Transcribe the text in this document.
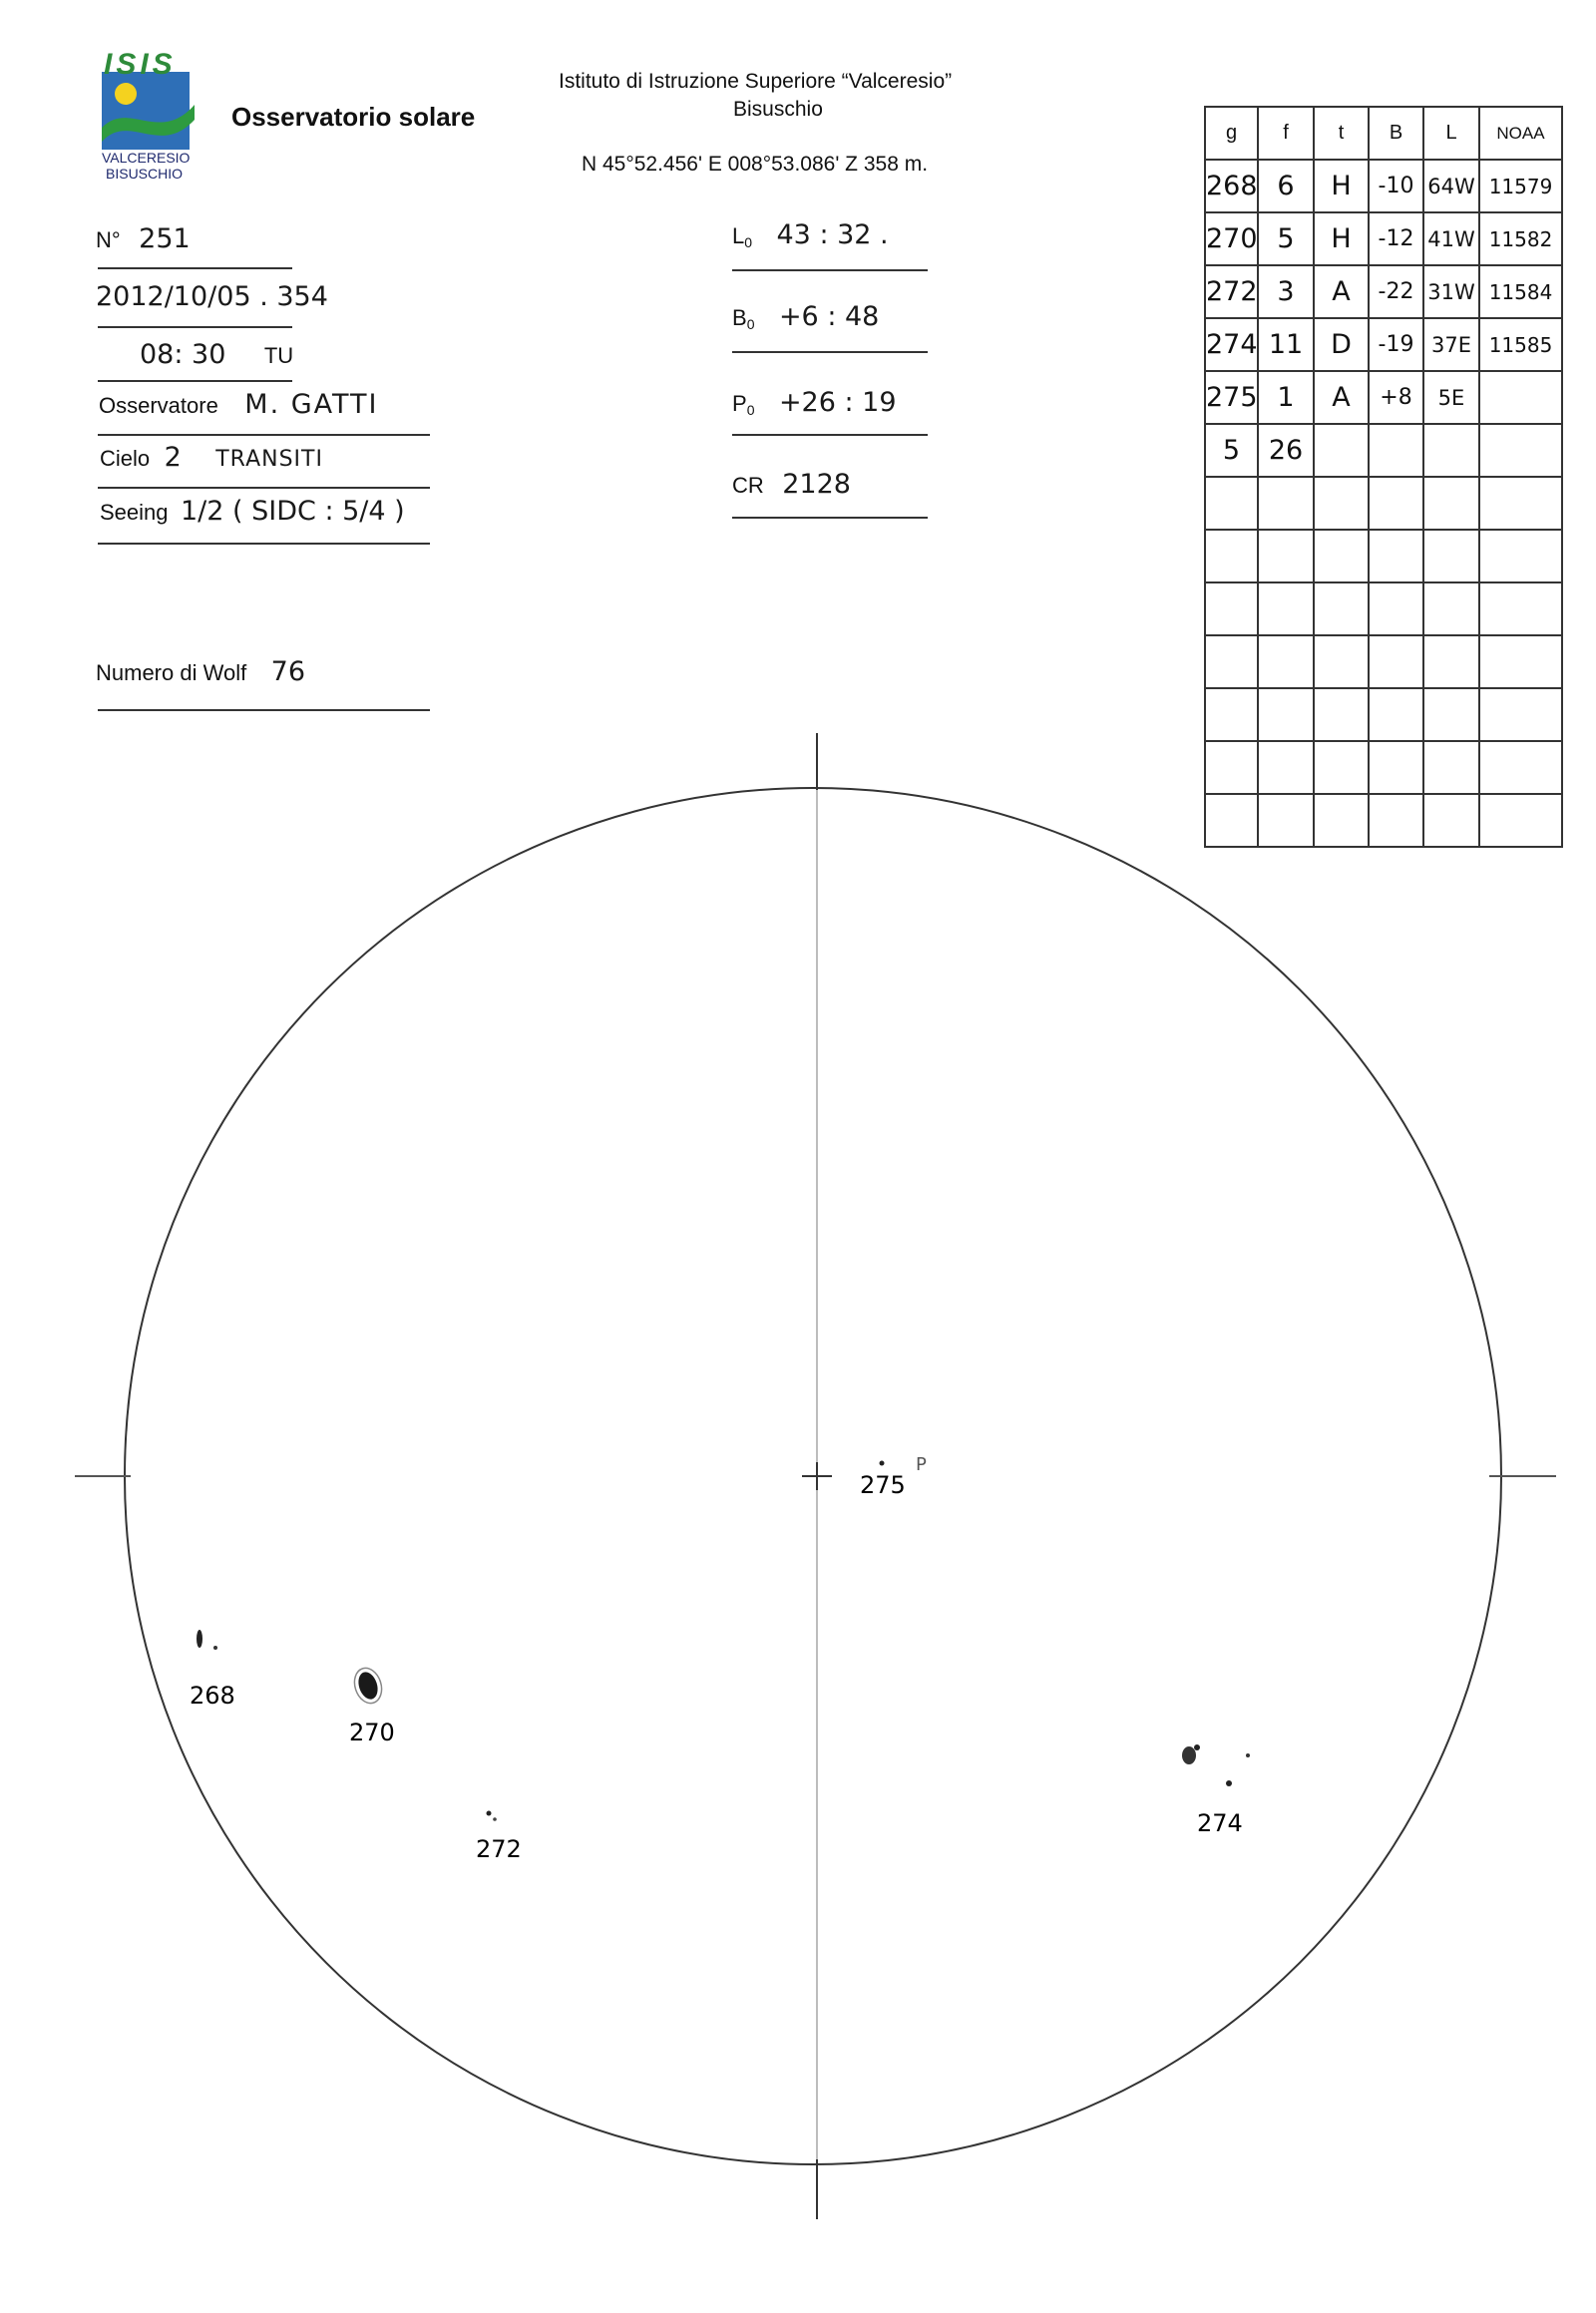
ISIS
VALCERESIO
BISUSCHIO
Osservatorio solare
Istituto di Istruzione Superiore “Valceresio”
Bisuschio
N 45°52.456' E 008°53.086' Z 358 m.
N° 251
2012/10/05 . 354
08: 30 TU
Osservatore M. GATTI
Cielo 2 TRANSITI
Seeing 1/2 ( SIDC : 5/4 )
Numero di Wolf 76
$L_0$ 43 : 32 .
$B_0 +6$ : 48
$P_0 +26$ : 19
CR 2128
g	f	t	B	L	NOAA
268	6	H	-10	64W	11579
270	5	H	-12	41W	11582
272	3	A	-22	31W	11584
274	11	D	-19	37E	11585
275	1	A	+8	5E	
5	26				

268
270
272
274
275
P
